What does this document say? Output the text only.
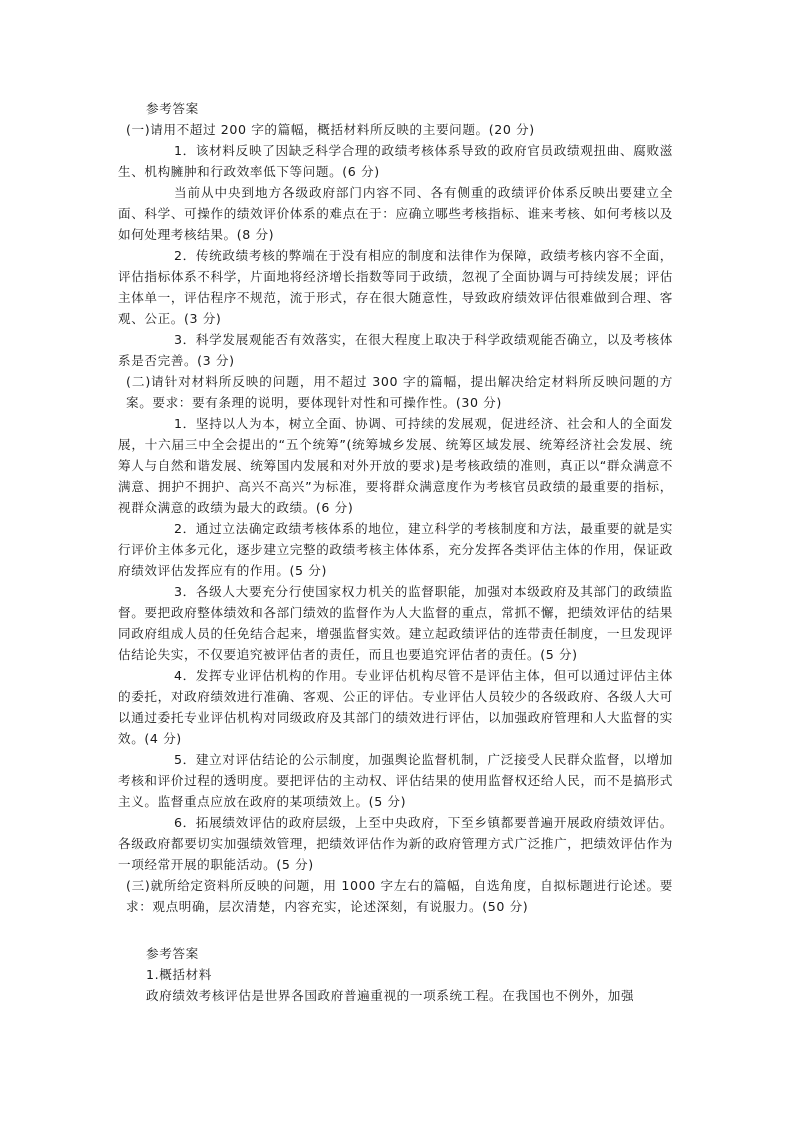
参考答案

(一)请用不超过 200 字的篇幅，概括材料所反映的主要问题。(20 分)

1．该材料反映了因缺乏科学合理的政绩考核体系导致的政府官员政绩观扭曲、腐败滋生、机构臃肿和行政效率低下等问题。(6 分)

当前从中央到地方各级政府部门内容不同、各有侧重的政绩评价体系反映出要建立全面、科学、可操作的绩效评价体系的难点在于：应确立哪些考核指标、谁来考核、如何考核以及如何处理考核结果。(8 分)

2．传统政绩考核的弊端在于没有相应的制度和法律作为保障，政绩考核内容不全面，评估指标体系不科学，片面地将经济增长指数等同于政绩，忽视了全面协调与可持续发展；评估主体单一，评估程序不规范，流于形式，存在很大随意性，导致政府绩效评估很难做到合理、客观、公正。(3 分)

3．科学发展观能否有效落实，在很大程度上取决于科学政绩观能否确立，以及考核体系是否完善。(3 分)

(二)请针对材料所反映的问题，用不超过 300 字的篇幅，提出解决给定材料所反映问题的方案。要求：要有条理的说明，要体现针对性和可操作性。(30 分)

1．坚持以人为本，树立全面、协调、可持续的发展观，促进经济、社会和人的全面发展，十六届三中全会提出的“五个统筹”(统筹城乡发展、统筹区域发展、统筹经济社会发展、统筹人与自然和谐发展、统筹国内发展和对外开放的要求)是考核政绩的准则，真正以“群众满意不满意、拥护不拥护、高兴不高兴”为标准，要将群众满意度作为考核官员政绩的最重要的指标，视群众满意的政绩为最大的政绩。(6 分)

2．通过立法确定政绩考核体系的地位，建立科学的考核制度和方法，最重要的就是实行评价主体多元化，逐步建立完整的政绩考核主体体系，充分发挥各类评估主体的作用，保证政府绩效评估发挥应有的作用。(5 分)

3．各级人大要充分行使国家权力机关的监督职能，加强对本级政府及其部门的政绩监督。要把政府整体绩效和各部门绩效的监督作为人大监督的重点，常抓不懈，把绩效评估的结果同政府组成人员的任免结合起来，增强监督实效。建立起政绩评估的连带责任制度，一旦发现评估结论失实，不仅要追究被评估者的责任，而且也要追究评估者的责任。(5 分)

4．发挥专业评估机构的作用。专业评估机构尽管不是评估主体，但可以通过评估主体的委托，对政府绩效进行准确、客观、公正的评估。专业评估人员较少的各级政府、各级人大可以通过委托专业评估机构对同级政府及其部门的绩效进行评估，以加强政府管理和人大监督的实效。(4 分)

5．建立对评估结论的公示制度，加强舆论监督机制，广泛接受人民群众监督，以增加考核和评价过程的透明度。要把评估的主动权、评估结果的使用监督权还给人民，而不是搞形式主义。监督重点应放在政府的某项绩效上。(5 分)

6．拓展绩效评估的政府层级，上至中央政府，下至乡镇都要普遍开展政府绩效评估。各级政府都要切实加强绩效管理，把绩效评估作为新的政府管理方式广泛推广，把绩效评估作为一项经常开展的职能活动。(5 分)

(三)就所给定资料所反映的问题，用 1000 字左右的篇幅，自选角度，自拟标题进行论述。要求：观点明确，层次清楚，内容充实，论述深刻，有说服力。(50 分)

参考答案

1.概括材料

政府绩效考核评估是世界各国政府普遍重视的一项系统工程。在我国也不例外，加强
